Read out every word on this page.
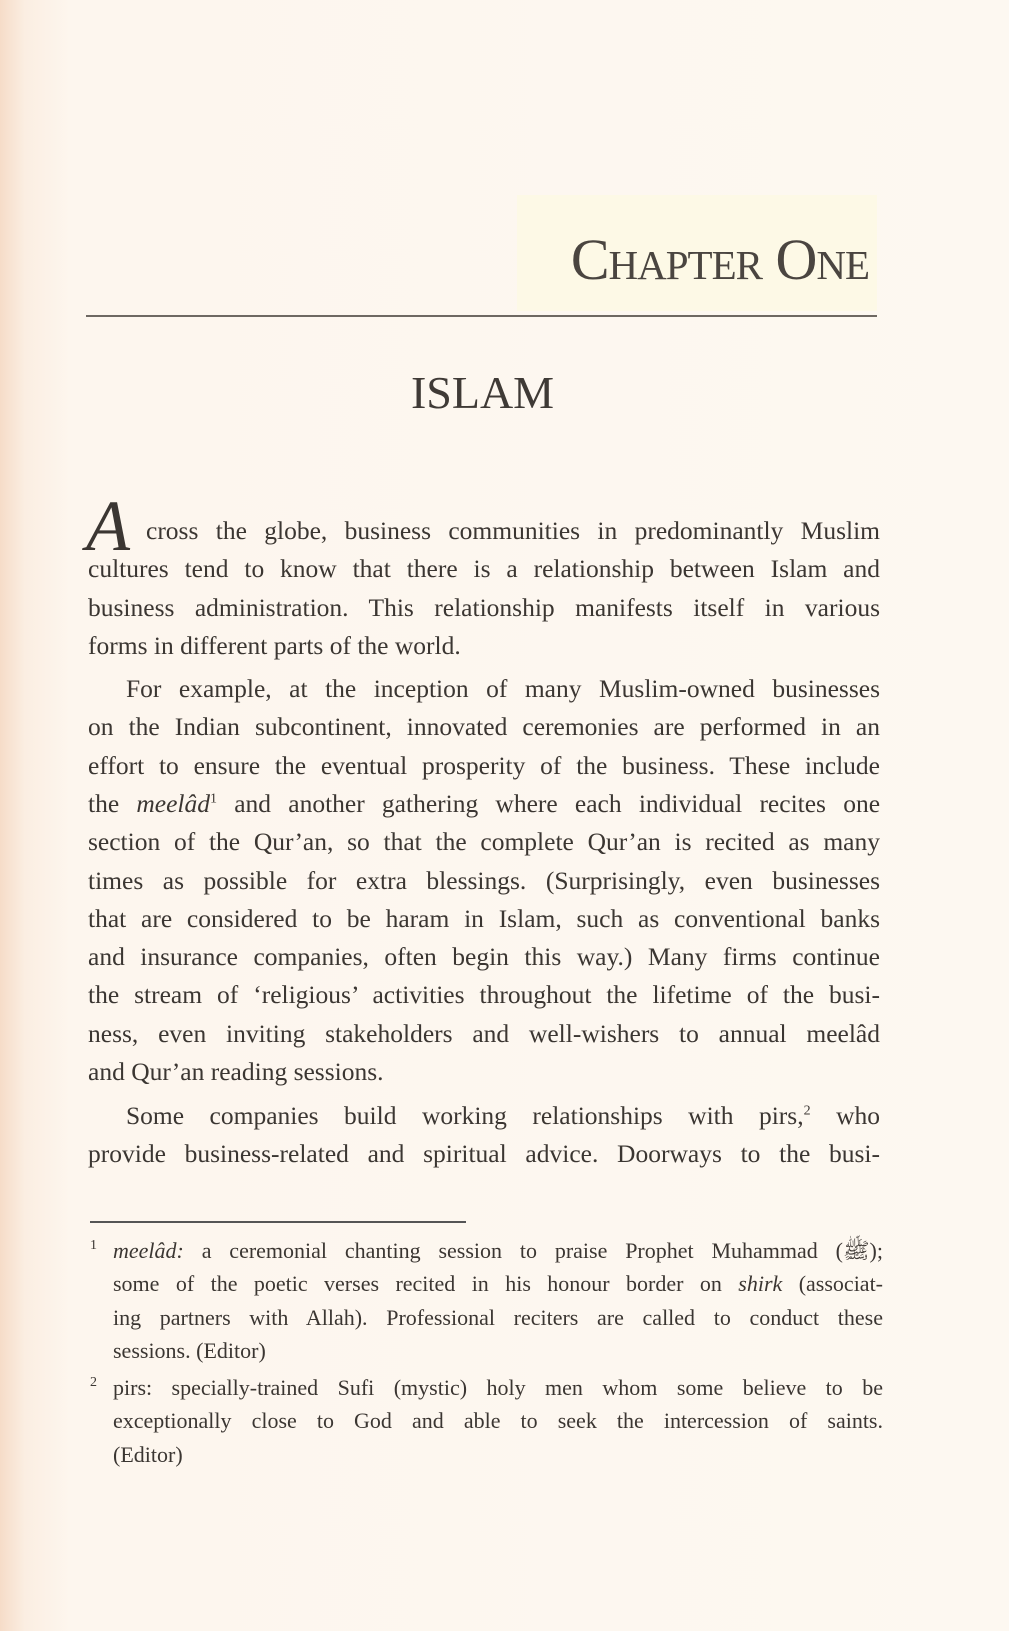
Chapter One
ISLAM
A cross the globe, business communities in predominantly Muslim
cultures tend to know that there is a relationship between Islam and
business administration. This relationship manifests itself in various
forms in different parts of the world.
For example, at the inception of many Muslim-owned businesses
on the Indian subcontinent, innovated ceremonies are performed in an
effort to ensure the eventual prosperity of the business. These include
the meelâd$^1$ and another gathering where each individual recites one
section of the Qur’an, so that the complete Qur’an is recited as many
times as possible for extra blessings. (Surprisingly, even businesses
that are considered to be haram in Islam, such as conventional banks
and insurance companies, often begin this way.) Many firms continue
the stream of ‘religious’ activities throughout the lifetime of the busi-
ness, even inviting stakeholders and well-wishers to annual meelâd
and Qur’an reading sessions.
Some companies build working relationships with pirs,$^2$ who
provide business-related and spiritual advice. Doorways to the busi-
1 meelâd: a ceremonial chanting session to praise Prophet Muhammad (ﷺ);
some of the poetic verses recited in his honour border on shirk (associat-
ing partners with Allah). Professional reciters are called to conduct these
sessions. (Editor)
2 pirs: specially-trained Sufi (mystic) holy men whom some believe to be
exceptionally close to God and able to seek the intercession of saints.
(Editor)
